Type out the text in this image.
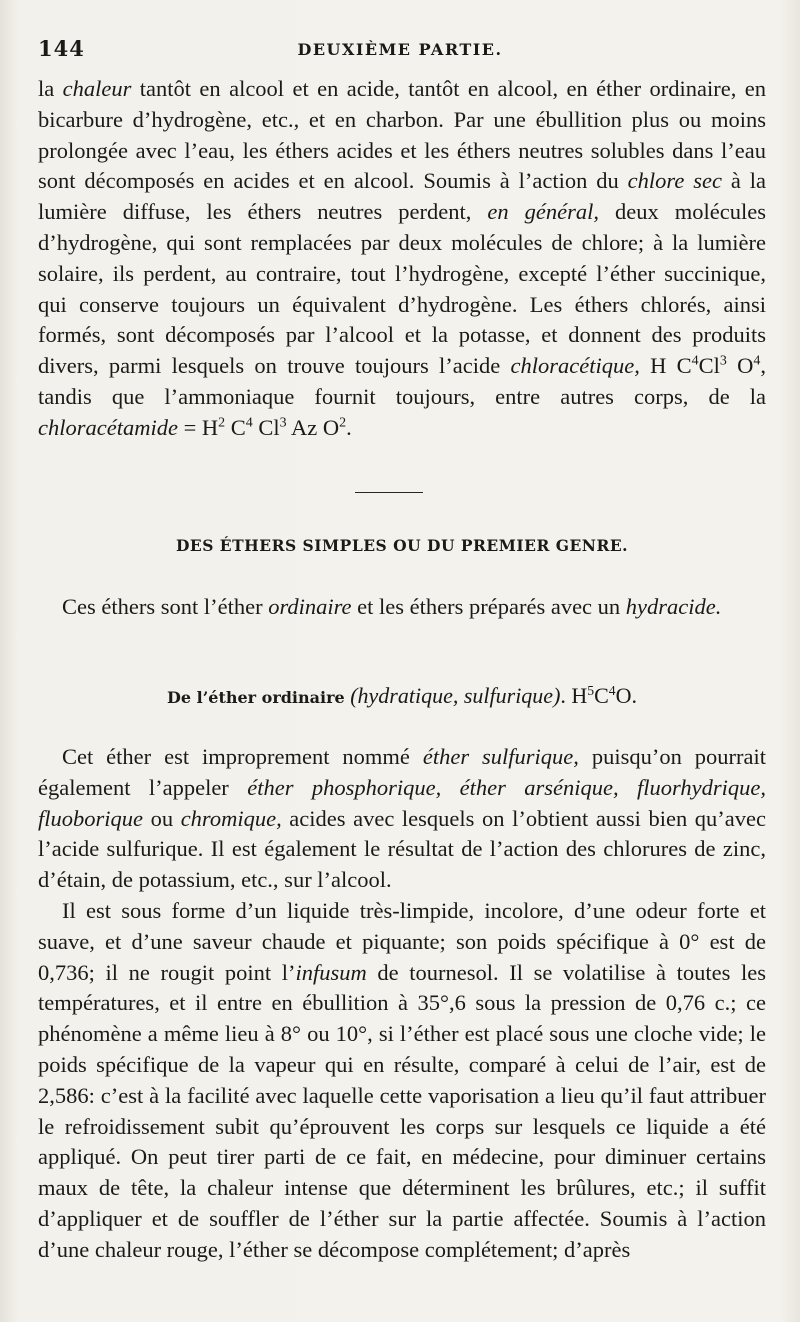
144	DEUXIÈME PARTIE.

la chaleur tantôt en alcool et en acide, tantôt en alcool, en éther ordinaire, en bicarbure d’hydrogène, etc., et en charbon. Par une ébullition plus ou moins prolongée avec l’eau, les éthers acides et les éthers neutres solubles dans l’eau sont décomposés en acides et en alcool. Soumis à l’action du chlore sec à la lumière diffuse, les éthers neutres perdent, en général, deux molécules d’hydrogène, qui sont remplacées par deux molécules de chlore; à la lumière solaire, ils perdent, au contraire, tout l’hydrogène, excepté l’éther succinique, qui conserve toujours un équivalent d’hydrogène. Les éthers chlorés, ainsi formés, sont décomposés par l’alcool et la potasse, et donnent des produits divers, parmi lesquels on trouve toujours l’acide chloracétique, H $C^4Cl^3$ $O^4$, tandis que l’ammoniaque fournit toujours, entre autres corps, de la chloracétamide = $H^2$ $C^4$ Cl$^3$ Az $O^2$.

DES ÉTHERS SIMPLES OU DU PREMIER GENRE.

Ces éthers sont l’éther ordinaire et les éthers préparés avec un hydracide.

De l’éther ordinaire (hydratique, sulfurique). $H^5C^4O$.

Cet éther est improprement nommé éther sulfurique, puisqu’on pourrait également l’appeler éther phosphorique, éther arsénique, fluorhydrique, fluoborique ou chromique, acides avec lesquels on l’obtient aussi bien qu’avec l’acide sulfurique. Il est également le résultat de l’action des chlorures de zinc, d’étain, de potassium, etc., sur l’alcool.

Il est sous forme d’un liquide très-limpide, incolore, d’une odeur forte et suave, et d’une saveur chaude et piquante; son poids spécifique à 0° est de 0,736; il ne rougit point l’infusum de tournesol. Il se volatilise à toutes les températures, et il entre en ébullition à 35°,6 sous la pression de 0,76 c.; ce phénomène a même lieu à 8° ou 10°, si l’éther est placé sous une cloche vide; le poids spécifique de la vapeur qui en résulte, comparé à celui de l’air, est de 2,586: c’est à la facilité avec laquelle cette vaporisation a lieu qu’il faut attribuer le refroidissement subit qu’éprouvent les corps sur lesquels ce liquide a été appliqué. On peut tirer parti de ce fait, en médecine, pour diminuer certains maux de tête, la chaleur intense que déterminent les brûlures, etc.; il suffit d’appliquer et de souffler de l’éther sur la partie affectée. Soumis à l’action d’une chaleur rouge, l’éther se décompose complétement; d’après
